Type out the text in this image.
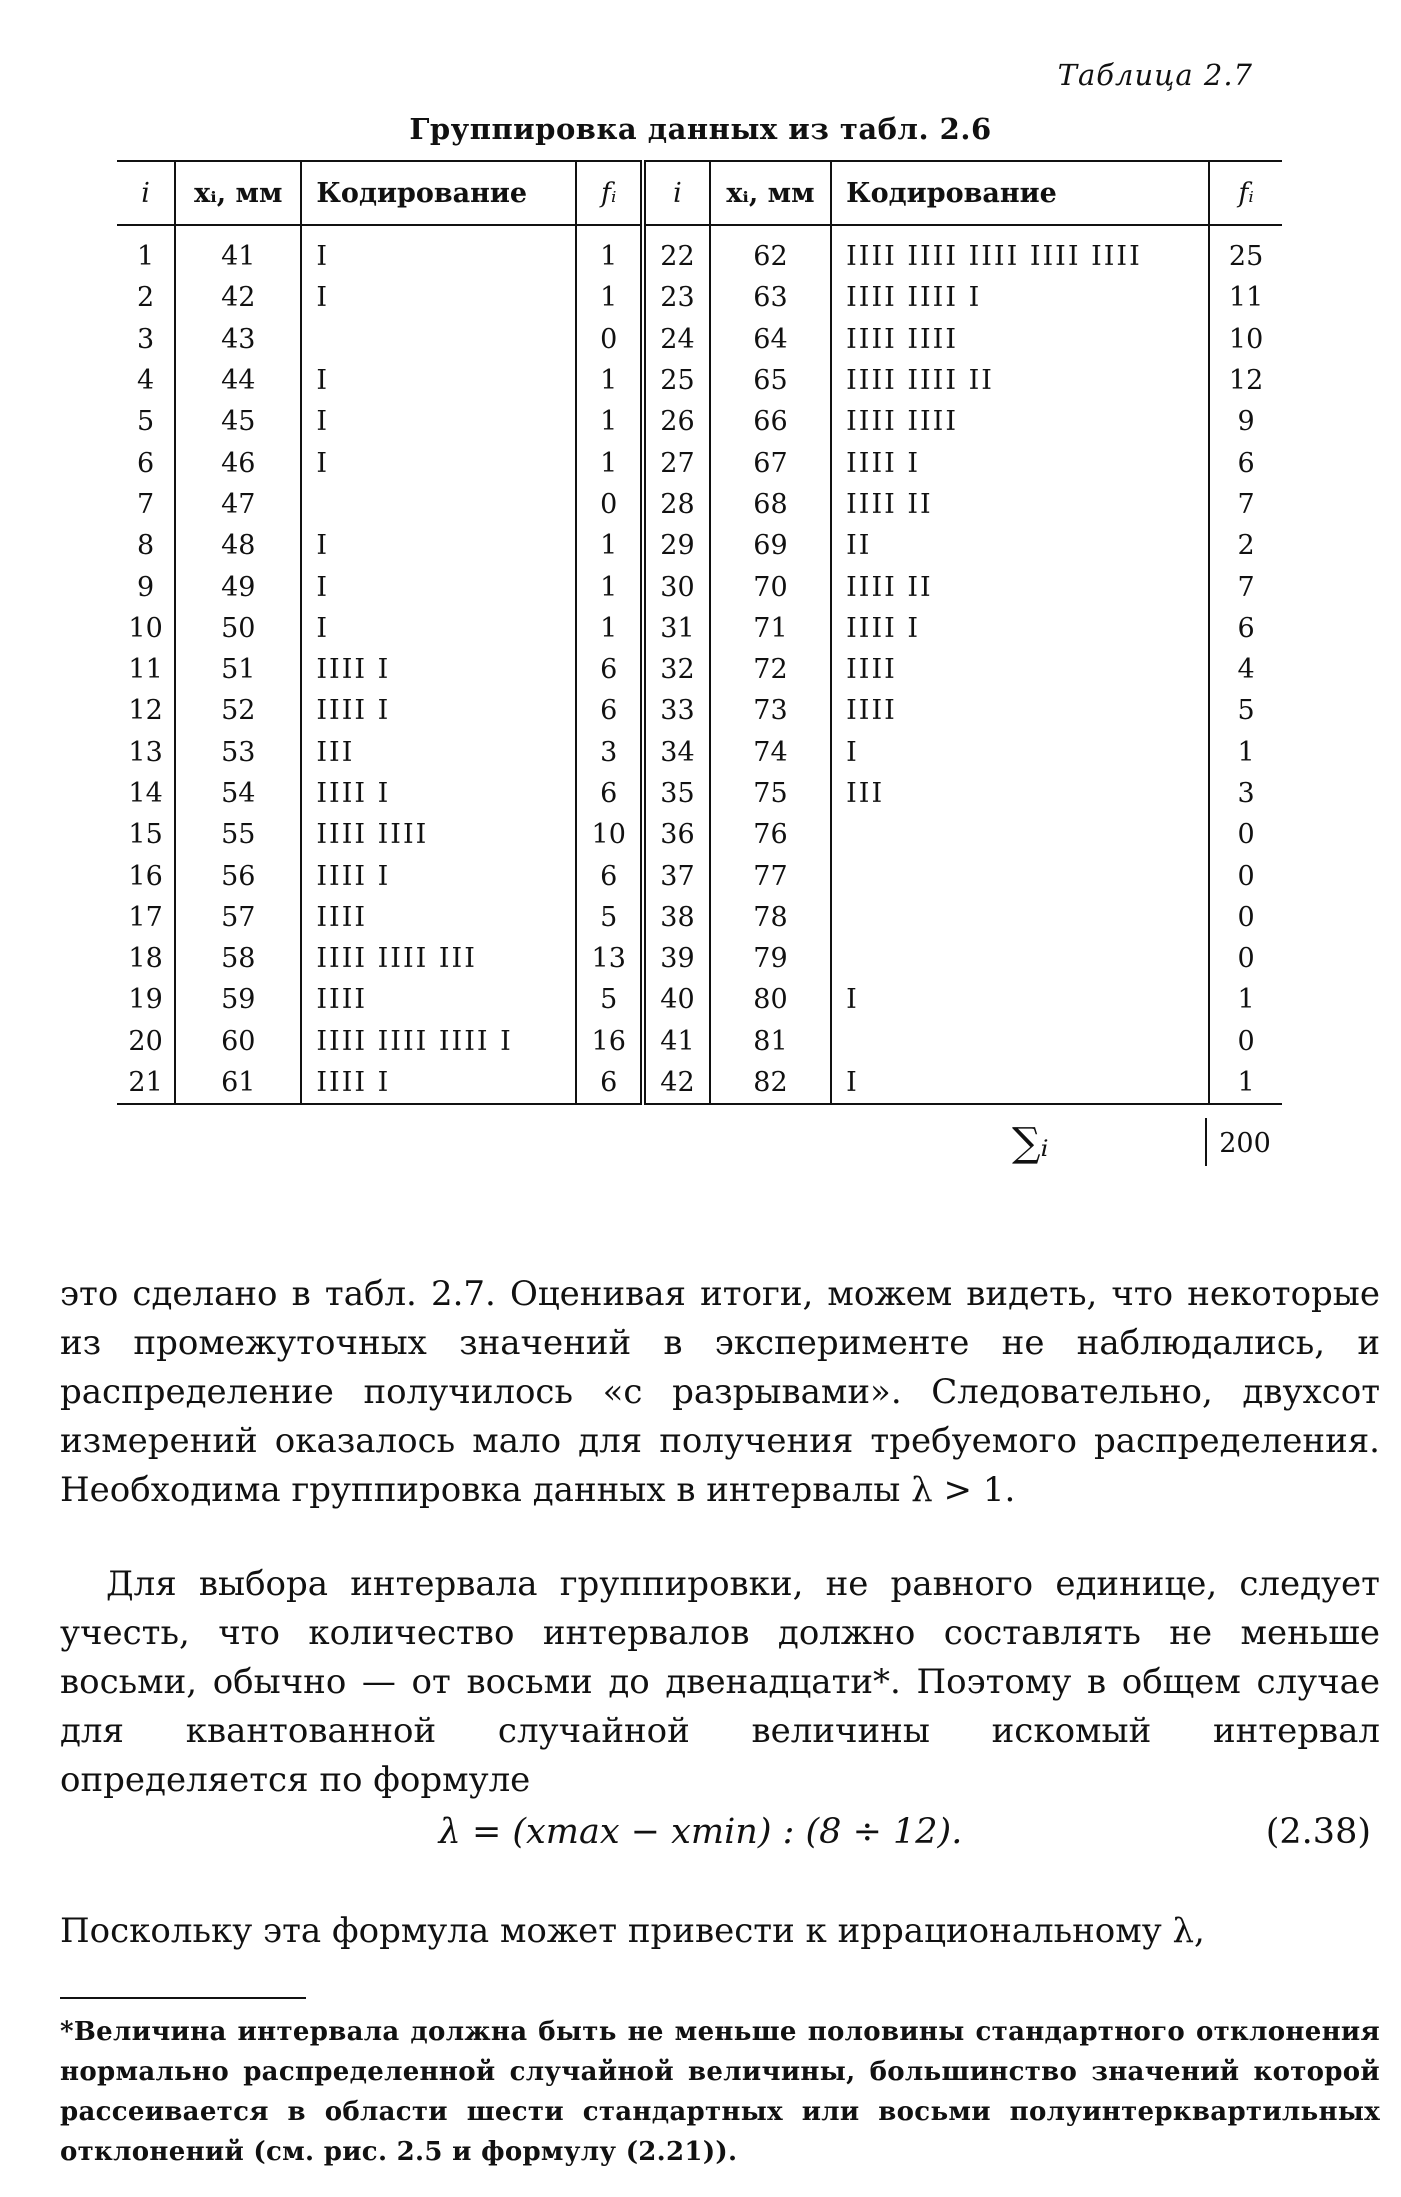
Таблица 2.7
Группировка данных из табл. 2.6
i	xᵢ, мм	Кодирование	fᵢ	i	xᵢ, мм	Кодирование	fᵢ
1	41	I	1	22	62	IIII IIII IIII IIII IIII	25
2	42	I	1	23	63	IIII IIII I	11
3	43		0	24	64	IIII IIII	10
4	44	I	1	25	65	IIII IIII II	12
5	45	I	1	26	66	IIII IIII	9
6	46	I	1	27	67	IIII I	6
7	47		0	28	68	IIII II	7
8	48	I	1	29	69	II	2
9	49	I	1	30	70	IIII II	7
10	50	I	1	31	71	IIII I	6
11	51	IIII I	6	32	72	IIII	4
12	52	IIII I	6	33	73	IIII	5
13	53	III	3	34	74	I	1
14	54	IIII I	6	35	75	III	3
15	55	IIII IIII	10	36	76		0
16	56	IIII I	6	37	77		0
17	57	IIII	5	38	78		0
18	58	IIII IIII III	13	39	79		0
19	59	IIII	5	40	80	I	1
20	60	IIII IIII IIII I	16	41	81		0
21	61	IIII I	6	42	82	I	1
∑ᵢ	200

это сделано в табл. 2.7. Оценивая итоги, можем видеть, что некоторые из промежуточных значений в эксперименте не наблюдались, и распределение получилось «с разрывами». Следовательно, двухсот измерений оказалось мало для получения требуемого распределения. Необходима группировка данных в интервалы λ > 1.

Для выбора интервала группировки, не равного единице, следует учесть, что количество интервалов должно составлять не меньше восьми, обычно — от восьми до двенадцати*. Поэтому в общем случае для квантованной случайной величины искомый интервал определяется по формуле

λ = (xmax − xmin) : (8 ÷ 12).	(2.38)

Поскольку эта формула может привести к иррациональному λ,

*Величина интервала должна быть не меньше половины стандартного отклонения нормально распределенной случайной величины, большинство значений которой рассеивается в области шести стандартных или восьми полуинтерквартильных отклонений (см. рис. 2.5 и формулу (2.21)).
